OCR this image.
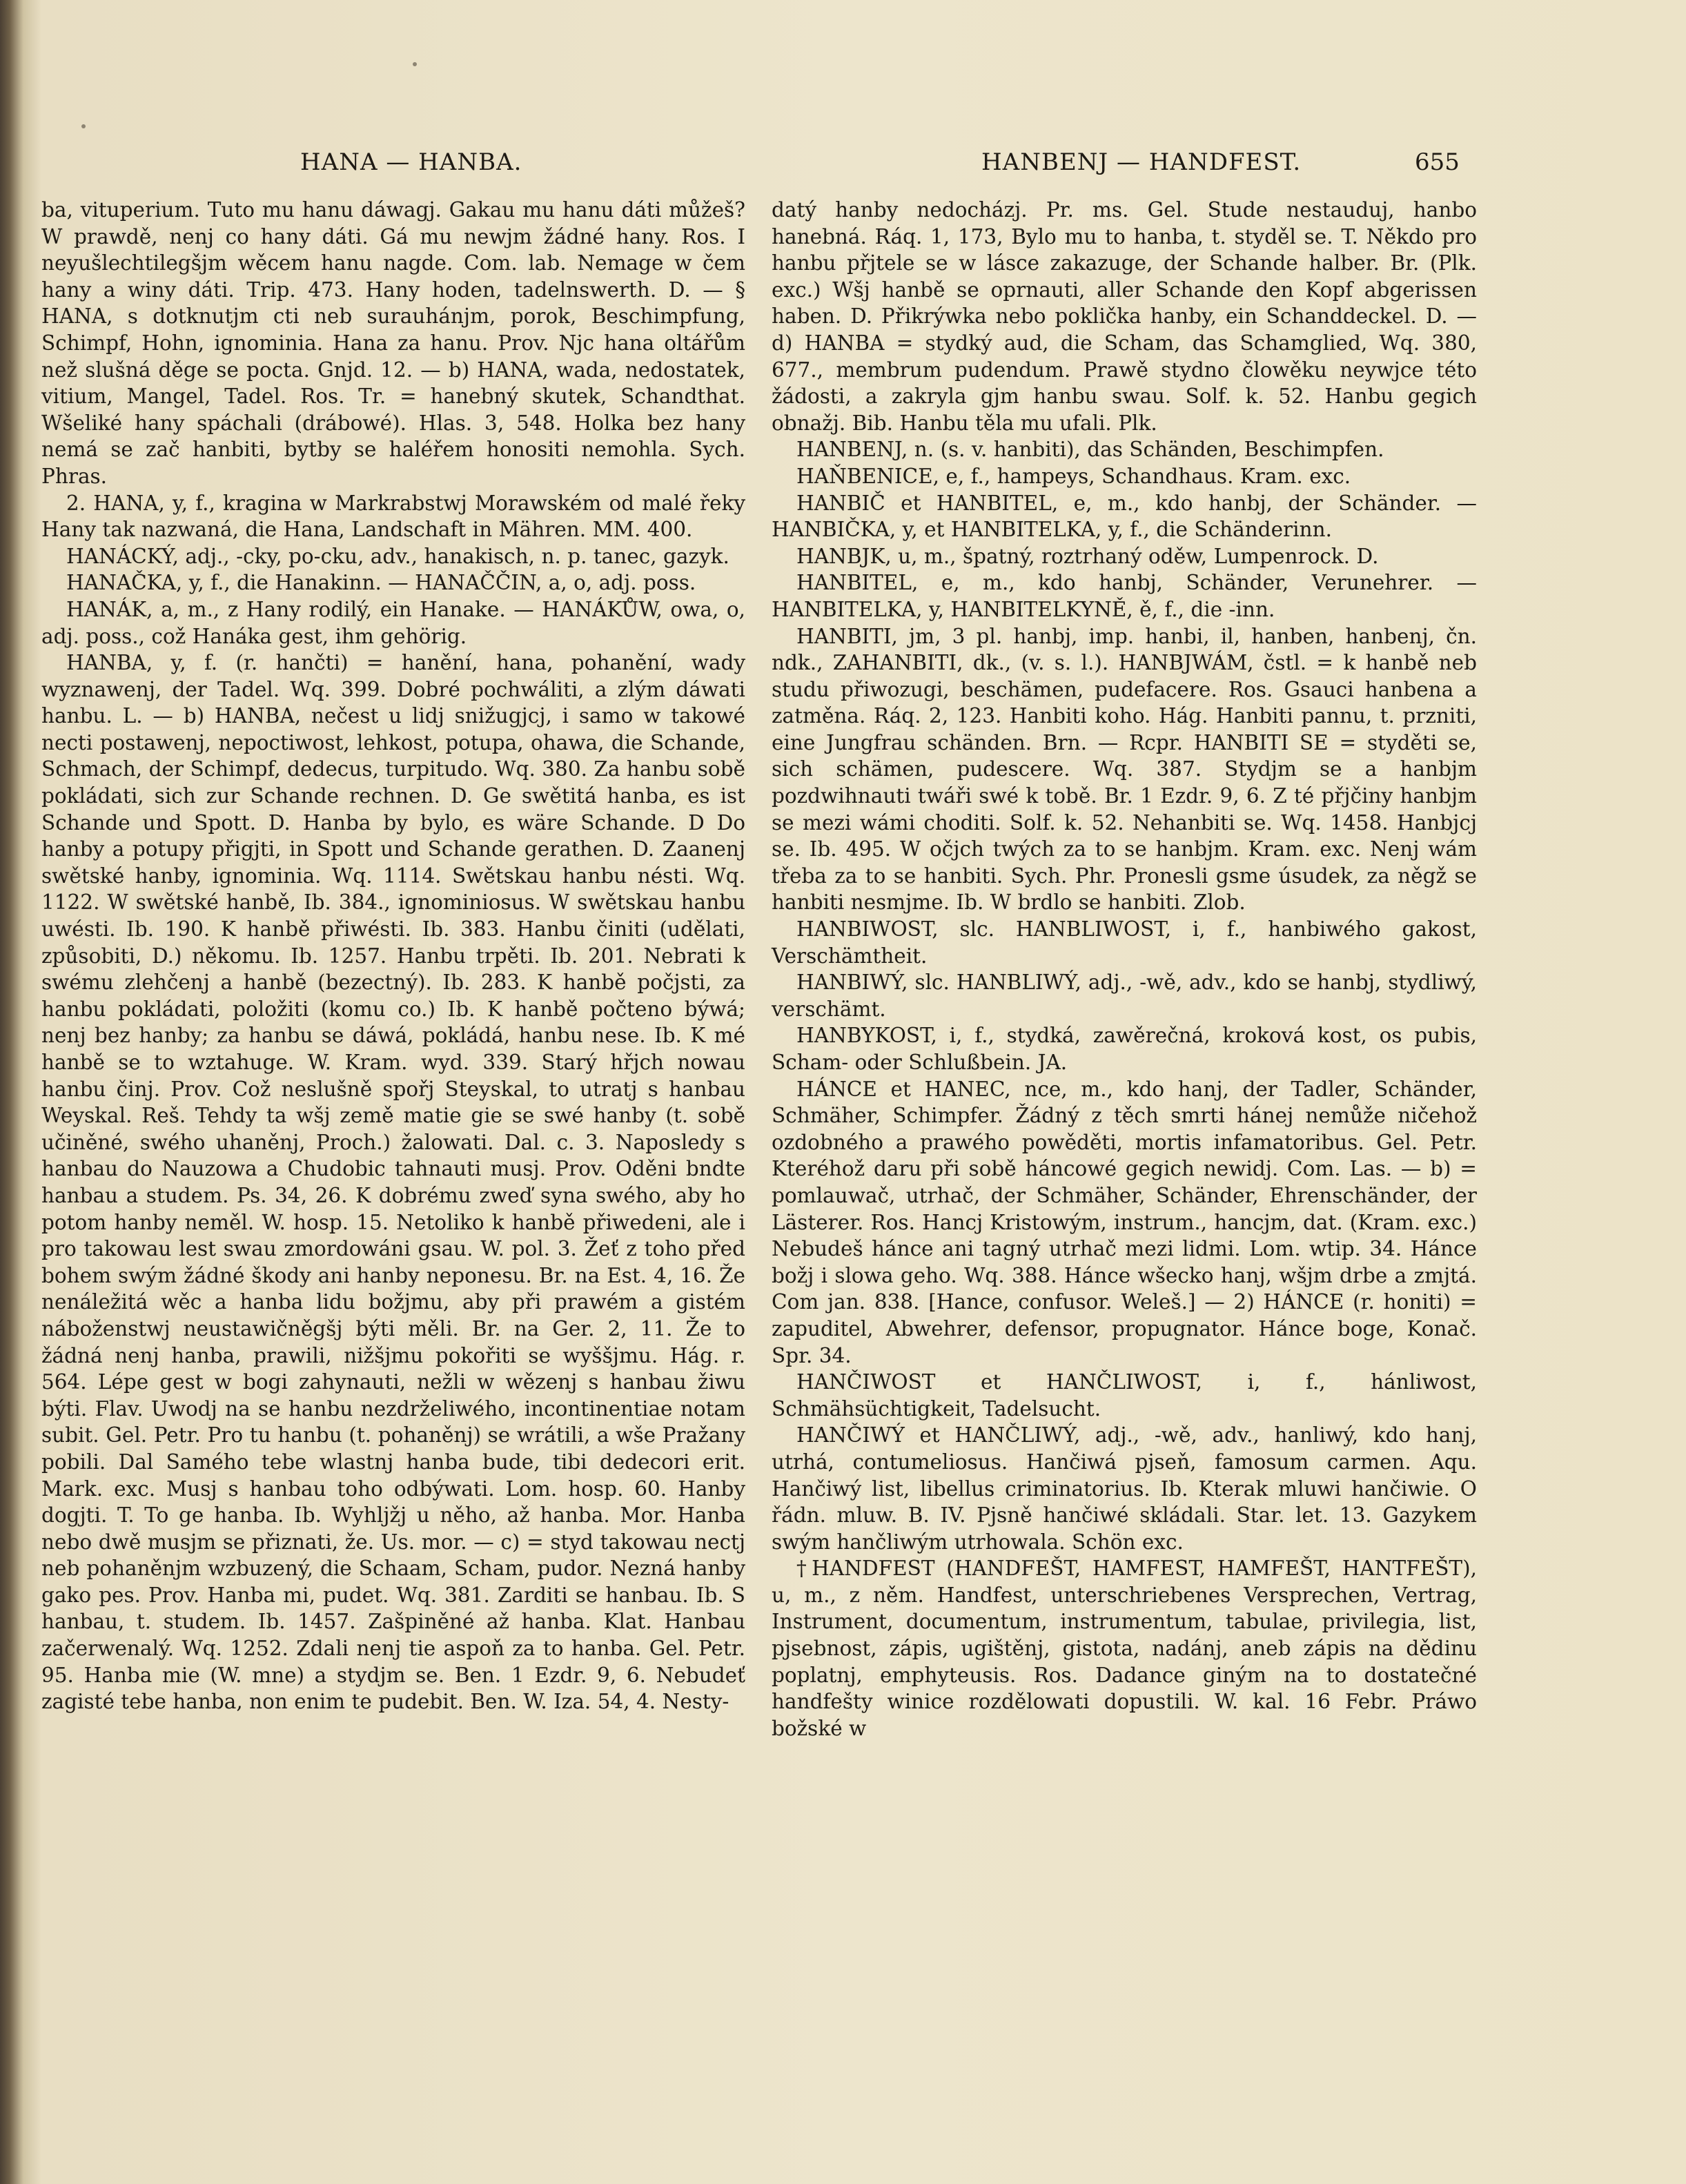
HANA — HANBA.	HANBENJ — HANDFEST.	655

ba, vituperium. Tuto mu hanu dáwagj. Gakau mu hanu dáti můžeš? W prawdě, nenj co hany dáti. Gá mu newjm žádné hany. Ros. I neyušlechtilegšjm wěcem hanu nagde. Com. lab. Nemage w čem hany a winy dáti. Trip. 473. Hany hoden, tadelnswerth. D. — § HANA, s dotknutjm cti neb surauhánjm, porok, Beschimpfung, Schimpf, Hohn, ignominia. Hana za hanu. Prov. Njc hana oltářům než slušná děge se pocta. Gnjd. 12. — b) HANA, wada, nedostatek, vitium, Mangel, Tadel. Ros. Tr. = hanebný skutek, Schandthat. Wšeliké hany spáchali (drábowé). Hlas. 3, 548. Holka bez hany nemá se zač hanbiti, bytby se haléřem honositi nemohla. Sych. Phras.

2. HANA, y, f., kragina w Markrabstwj Morawském od malé řeky Hany tak nazwaná, die Hana, Landschaft in Mähren. MM. 400.

HANÁCKÝ, adj., -cky, po-cku, adv., hanakisch, n. p. tanec, gazyk.

HANAČKA, y, f., die Hanakinn. — HANAČČIN, a, o, adj. poss.

HANÁK, a, m., z Hany rodilý, ein Hanake. — HANÁKŮW, owa, o, adj. poss., což Hanáka gest, ihm gehörig.

HANBA, y, f. (r. hančti) = hanění, hana, pohanění, wady wyznawenj, der Tadel. Wq. 399. Dobré pochwáliti, a zlým dáwati hanbu. L. — b) HANBA, nečest u lidj snižugjcj, i samo w takowé necti postawenj, nepoctiwost, lehkost, potupa, ohawa, die Schande, Schmach, der Schimpf, dedecus, turpitudo. Wq. 380. Za hanbu sobě pokládati, sich zur Schande rechnen. D. Ge swětitá hanba, es ist Schande und Spott. D. Hanba by bylo, es wäre Schande. D Do hanby a potupy přigjti, in Spott und Schande gerathen. D. Zaanenj swětské hanby, ignominia. Wq. 1114. Swětskau hanbu nésti. Wq. 1122. W swětské hanbě, Ib. 384., ignominiosus. W swětskau hanbu uwésti. Ib. 190. K hanbě přiwésti. Ib. 383. Hanbu činiti (udělati, způsobiti, D.) někomu. Ib. 1257. Hanbu trpěti. Ib. 201. Nebrati k swému zlehčenj a hanbě (bezectný). Ib. 283. K hanbě počjsti, za hanbu pokládati, položiti (komu co.) Ib. K hanbě počteno býwá; nenj bez hanby; za hanbu se dáwá, pokládá, hanbu nese. Ib. K mé hanbě se to wztahuge. W. Kram. wyd. 339. Starý hřjch nowau hanbu činj. Prov. Což neslušně spořj Steyskal, to utratj s hanbau Weyskal. Reš. Tehdy ta wšj země matie gie se swé hanby (t. sobě učiněné, swého uhaněnj, Proch.) žalowati. Dal. c. 3. Naposledy s hanbau do Nauzowa a Chudobic tahnauti musj. Prov. Oděni bndte hanbau a studem. Ps. 34, 26. K dobrému zweď syna swého, aby ho potom hanby neměl. W. hosp. 15. Netoliko k hanbě přiwedeni, ale i pro takowau lest swau zmordowáni gsau. W. pol. 3. Žeť z toho před bohem swým žádné škody ani hanby neponesu. Br. na Est. 4, 16. Že nenáležitá wěc a hanba lidu božjmu, aby při prawém a gistém náboženstwj neustawičněgšj býti měli. Br. na Ger. 2, 11. Že to žádná nenj hanba, prawili, nižšjmu pokořiti se wyššjmu. Hág. r. 564. Lépe gest w bogi zahynauti, nežli w wězenj s hanbau žiwu býti. Flav. Uwodj na se hanbu nezdrželiwého, incontinentiae notam subit. Gel. Petr. Pro tu hanbu (t. pohaněnj) se wrátili, a wše Pražany pobili. Dal Samého tebe wlastnj hanba bude, tibi dedecori erit. Mark. exc. Musj s hanbau toho odbýwati. Lom. hosp. 60. Hanby dogjti. T. To ge hanba. Ib. Wyhljžj u něho, až hanba. Mor. Hanba nebo dwě musjm se přiznati, že. Us. mor. — c) = styd takowau nectj neb pohaněnjm wzbuzený, die Schaam, Scham, pudor. Nezná hanby gako pes. Prov. Hanba mi, pudet. Wq. 381. Zarditi se hanbau. Ib. S hanbau, t. studem. Ib. 1457. Zašpiněné až hanba. Klat. Hanbau začerwenalý. Wq. 1252. Zdali nenj tie aspoň za to hanba. Gel. Petr. 95. Hanba mie (W. mne) a stydjm se. Ben. 1 Ezdr. 9, 6. Nebudeť zagisté tebe hanba, non enim te pudebit. Ben. W. Iza. 54, 4. Nesty-

datý hanby nedocházj. Pr. ms. Gel. Stude nestauduj, hanbo hanebná. Ráq. 1, 173, Bylo mu to hanba, t. styděl se. T. Někdo pro hanbu přjtele se w lásce zakazuge, der Schande halber. Br. (Plk. exc.) Wšj hanbě se oprnauti, aller Schande den Kopf abgerissen haben. D. Přikrýwka nebo poklička hanby, ein Schanddeckel. D. — d) HANBA = stydký aud, die Scham, das Schamglied, Wq. 380, 677., membrum pudendum. Prawě stydno člowěku neywjce této žádosti, a zakryla gjm hanbu swau. Solf. k. 52. Hanbu gegich obnažj. Bib. Hanbu těla mu ufali. Plk.

HANBENJ, n. (s. v. hanbiti), das Schänden, Beschimpfen.

HAŇBENICE, e, f., hampeys, Schandhaus. Kram. exc.

HANBIČ et HANBITEL, e, m., kdo hanbj, der Schänder. — HANBIČKA, y, et HANBITELKA, y, f., die Schänderinn.

HANBJK, u, m., špatný, roztrhaný oděw, Lumpenrock. D.

HANBITEL, e, m., kdo hanbj, Schänder, Verunehrer. — HANBITELKA, y, HANBITELKYNĚ, ě, f., die -inn.

HANBITI, jm, 3 pl. hanbj, imp. hanbi, il, hanben, hanbenj, čn. ndk., ZAHANBITI, dk., (v. s. l.). HANBJWÁM, čstl. = k hanbě neb studu přiwozugi, beschämen, pudefacere. Ros. Gsauci hanbena a zatměna. Ráq. 2, 123. Hanbiti koho. Hág. Hanbiti pannu, t. przniti, eine Jungfrau schänden. Brn. — Rcpr. HANBITI SE = styděti se, sich schämen, pudescere. Wq. 387. Stydjm se a hanbjm pozdwihnauti twáři swé k tobě. Br. 1 Ezdr. 9, 6. Z té přjčiny hanbjm se mezi wámi choditi. Solf. k. 52. Nehanbiti se. Wq. 1458. Hanbjcj se. Ib. 495. W očjch twých za to se hanbjm. Kram. exc. Nenj wám třeba za to se hanbiti. Sych. Phr. Pronesli gsme úsudek, za něgž se hanbiti nesmjme. Ib. W brdlo se hanbiti. Zlob.

HANBIWOST, slc. HANBLIWOST, i, f., hanbiwého gakost, Verschämtheit.

HANBIWÝ, slc. HANBLIWÝ, adj., -wě, adv., kdo se hanbj, stydliwý, verschämt.

HANBYKOST, i, f., stydká, zawěrečná, kroková kost, os pubis, Scham- oder Schlußbein. JA.

HÁNCE et HANEC, nce, m., kdo hanj, der Tadler, Schänder, Schmäher, Schimpfer. Žádný z těch smrti hánej nemůže ničehož ozdobného a prawého powěděti, mortis infamatoribus. Gel. Petr. Kteréhož daru při sobě háncowé gegich newidj. Com. Las. — b) = pomlauwač, utrhač, der Schmäher, Schänder, Ehrenschänder, der Lästerer. Ros. Hancj Kristowým, instrum., hancjm, dat. (Kram. exc.) Nebudeš hánce ani tagný utrhač mezi lidmi. Lom. wtip. 34. Hánce božj i slowa geho. Wq. 388. Hánce wšecko hanj, wšjm drbe a zmjtá. Com jan. 838. [Hance, confusor. Weleš.] — 2) HÁNCE (r. honiti) = zapuditel, Abwehrer, defensor, propugnator. Hánce boge, Konač. Spr. 34.

HANČIWOST et HANČLIWOST, i, f., hánliwost, Schmähsüchtigkeit, Tadelsucht.

HANČIWÝ et HANČLIWÝ, adj., -wě, adv., hanliwý, kdo hanj, utrhá, contumeliosus. Hančiwá pjseň, famosum carmen. Aqu. Hančiwý list, libellus criminatorius. Ib. Kterak mluwi hančiwie. O řádn. mluw. B. IV. Pjsně hančiwé skládali. Star. let. 13. Gazykem swým hančliwým utrhowala. Schön exc.

†HANDFEST (HANDFEŠT, HAMFEST, HAMFEŠT, HANTFEŠT), u, m., z něm. Handfest, unterschriebenes Versprechen, Vertrag, Instrument, documentum, instrumentum, tabulae, privilegia, list, pjsebnost, zápis, ugištěnj, gistota, nadánj, aneb zápis na dědinu poplatnj, emphyteusis. Ros. Dadance giným na to dostatečné handfešty winice rozdělowati dopustili. W. kal. 16 Febr. Práwo božské w
